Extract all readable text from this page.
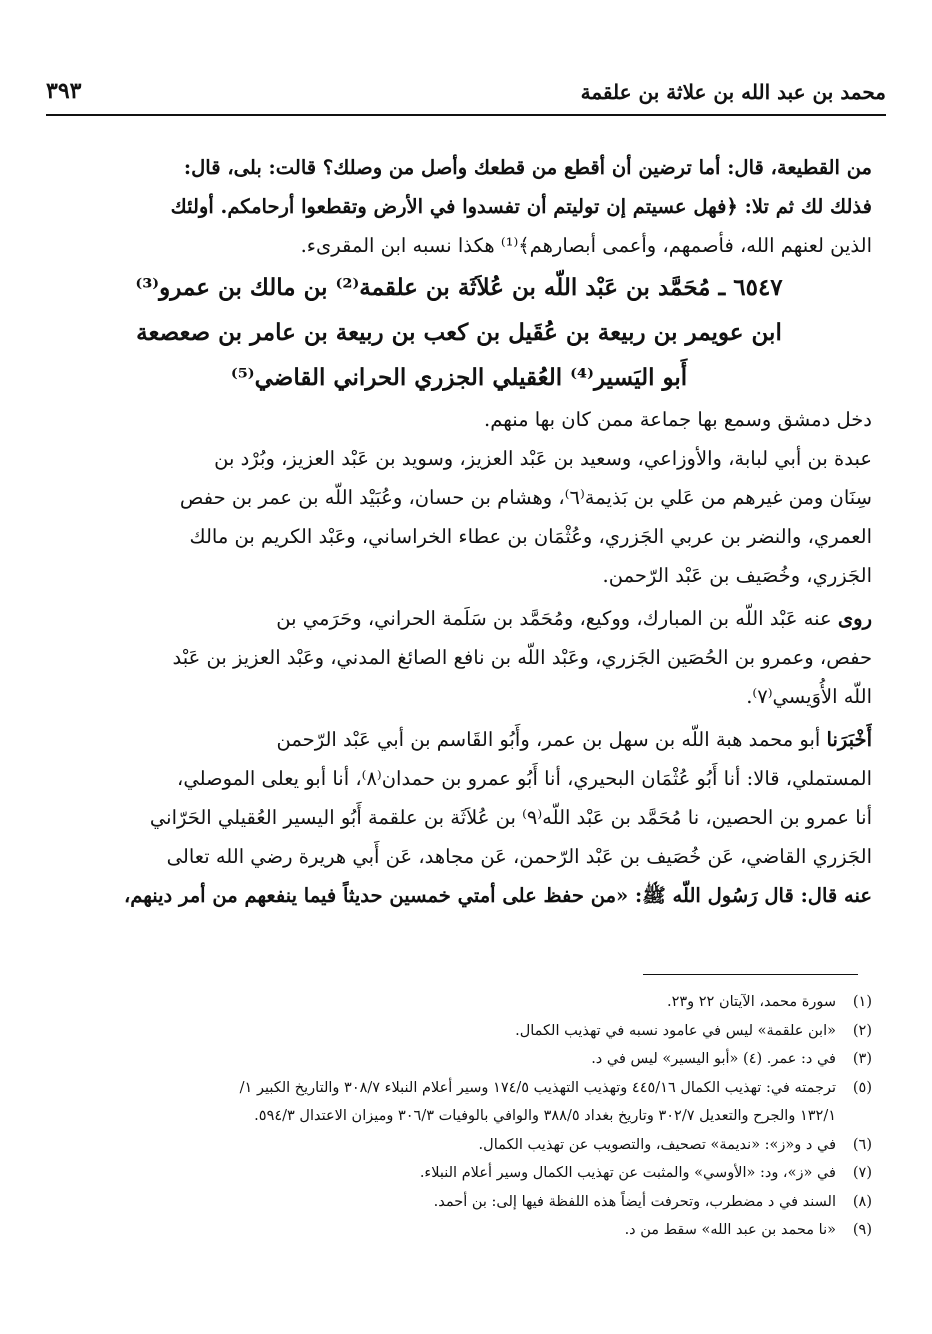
محمد بن عبد الله بن علاثة بن علقمة
٣٩٣
من القطيعة، قال: أما ترضين أن أقطع من قطعك وأصل من وصلك؟ قالت: بلى، قال:
فذلك لك ثم تلا: ﴿فهل عسيتم إن توليتم أن تفسدوا في الأرض وتقطعوا أرحامكم. أولئك
الذين لعنهم الله، فأصمهم، وأعمى أبصارهم﴾⁽¹⁾ هكذا نسبه ابن المقرىء.
٦٥٤٧ ـ مُحَمَّد بن عَبْد اللّه بن عُلاَثَة بن علقمة⁽²⁾ بن مالك بن عمرو⁽³⁾
ابن عويمر بن ربيعة بن عُقَيل بن كعب بن ربيعة بن عامر بن صعصعة
أَبو اليَسير⁽⁴⁾ العُقيلي الجزري الحراني القاضي⁽⁵⁾
دخل دمشق وسمع بها جماعة ممن كان بها منهم.
عبدة بن أبي لبابة، والأوزاعي، وسعيد بن عَبْد العزيز، وسويد بن عَبْد العزيز، وبُرْد بن
سِنَان ومن غيرهم من عَلي بن بَذيمة⁽٦⁾، وهشام بن حسان، وعُبَيْد اللّه بن عمر بن حفص
العمري، والنضر بن عربي الجَزري، وعُثْمَان بن عطاء الخراساني، وعَبْد الكريم بن مالك
الجَزري، وخُصَيف بن عَبْد الرّحمن.
روى عنه عَبْد اللّه بن المبارك، ووكيع، ومُحَمَّد بن سَلَمة الحراني، وحَرَمي بن
حفص، وعمرو بن الحُصَين الجَزري، وعَبْد اللّه بن نافع الصائغ المدني، وعَبْد العزيز بن عَبْد
اللّه الأُوَيسي⁽٧⁾.
أَخْبَرَنا أبو محمد هبة اللّه بن سهل بن عمر، وأَبُو القَاسم بن أبي عَبْد الرّحمن
المستملي، قالا: أنا أَبُو عُثْمَان البحيري، أنا أَبُو عمرو بن حمدان⁽٨⁾، أنا أبو يعلى الموصلي،
أنا عمرو بن الحصين، نا مُحَمَّد بن عَبْد اللّه⁽٩⁾ بن عُلاَثَة بن علقمة أَبُو اليسير العُقيلي الحَرّاني
الجَزري القاضي، عَن خُصَيف بن عَبْد الرّحمن، عَن مجاهد، عَن أَبي هريرة رضي الله تعالى
عنه قال: قال رَسُول اللّه ﷺ: «من حفظ على أمتي خمسين حديثاً فيما ينفعهم من أمر دينهم،
(١)سورة محمد، الآيتان ٢٢ و٢٣.
(٢)«ابن علقمة» ليس في عامود نسبه في تهذيب الكمال.
(٣)في د: عمر. (٤) «أبو اليسير» ليس في د.
(٥)ترجمته في: تهذيب الكمال ٤٤٥/١٦ وتهذيب التهذيب ١٧٤/٥ وسير أعلام النبلاء ٣٠٨/٧ والتاريخ الكبير ١/
١٣٢/١ والجرح والتعديل ٣٠٢/٧ وتاريخ بغداد ٣٨٨/٥ والوافي بالوفيات ٣٠٦/٣ وميزان الاعتدال ٥٩٤/٣.
(٦)في د و«ز»: «نديمة» تصحيف، والتصويب عن تهذيب الكمال.
(٧)في «ز»، ود: «الأوسي» والمثبت عن تهذيب الكمال وسير أعلام النبلاء.
(٨)السند في د مضطرب، وتحرفت أيضاً هذه اللفظة فيها إلى: بن أحمد.
(٩)«نا محمد بن عبد الله» سقط من د.
